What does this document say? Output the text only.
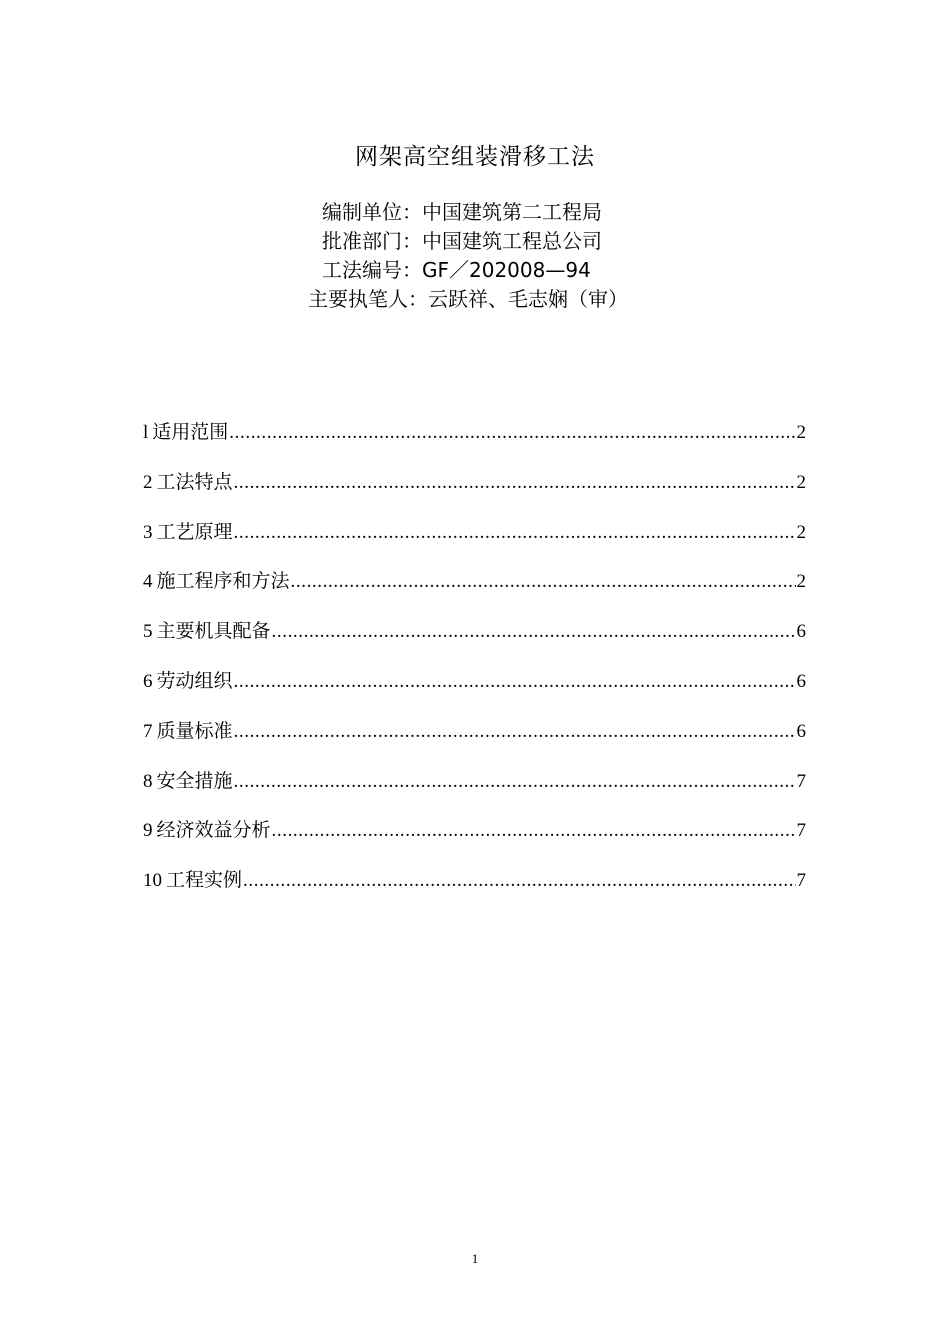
网架高空组装滑移工法
编制单位：中国建筑第二工程局
批准部门：中国建筑工程总公司
工法编号：GF／202008—94
主要执笔人：云跃祥、毛志娴（审）
l 适用范围 .....	2
2 工法特点 .....	2
3 工艺原理 .....	2
4 施工程序和方法 .....	2
5 主要机具配备 .....	6
6 劳动组织 .....	6
7 质量标准 .....	6
8 安全措施 .....	7
9 经济效益分析 .....	7
10 工程实例 .....	7
1
